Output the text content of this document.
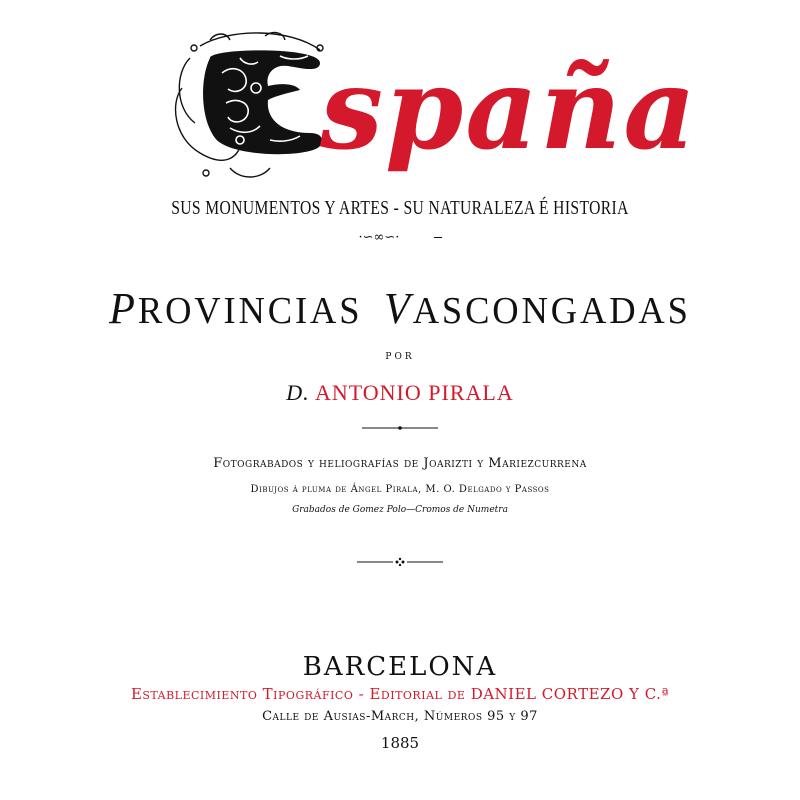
spaña
SUS MONUMENTOS Y ARTES - SU NATURALEZA É HISTORIA
·∽∞∽·
PROVINCIAS VASCONGADAS
POR
D. ANTONIO PIRALA
Fotograbados y heliografías de Joarizti y Mariezcurrena
Dibujos á pluma de Ángel Pirala, M. O. Delgado y Passos
Grabados de Gomez Polo—Cromos de Numetra
BARCELONA
Establecimiento Tipográfico - Editorial de DANIEL CORTEZO Y C.ª
Calle de Ausias-March, Números 95 y 97
1885
